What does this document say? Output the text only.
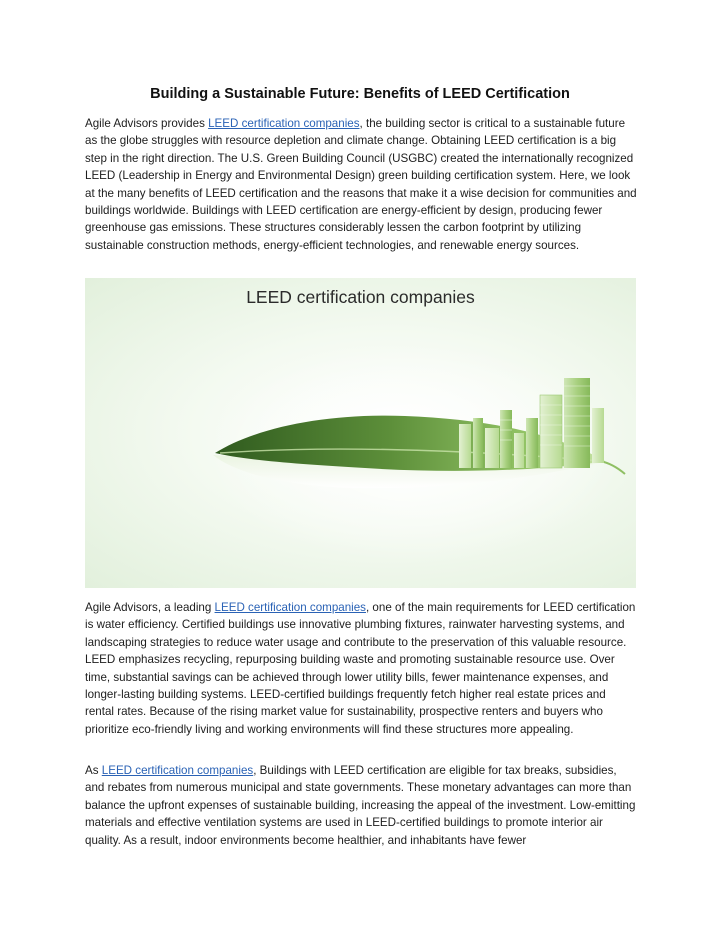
Building a Sustainable Future: Benefits of LEED Certification

Agile Advisors provides LEED certification companies, the building sector is critical to a sustainable future as the globe struggles with resource depletion and climate change. Obtaining LEED certification is a big step in the right direction. The U.S. Green Building Council (USGBC) created the internationally recognized LEED (Leadership in Energy and Environmental Design) green building certification system. Here, we look at the many benefits of LEED certification and the reasons that make it a wise decision for communities and buildings worldwide. Buildings with LEED certification are energy-efficient by design, producing fewer greenhouse gas emissions. These structures considerably lessen the carbon footprint by utilizing sustainable construction methods, energy-efficient technologies, and renewable energy sources.

LEED certification companies

Agile Advisors, a leading LEED certification companies, one of the main requirements for LEED certification is water efficiency. Certified buildings use innovative plumbing fixtures, rainwater harvesting systems, and landscaping strategies to reduce water usage and contribute to the preservation of this valuable resource. LEED emphasizes recycling, repurposing building waste and promoting sustainable resource use. Over time, substantial savings can be achieved through lower utility bills, fewer maintenance expenses, and longer-lasting building systems. LEED-certified buildings frequently fetch higher real estate prices and rental rates. Because of the rising market value for sustainability, prospective renters and buyers who prioritize eco-friendly living and working environments will find these structures more appealing.

As LEED certification companies, Buildings with LEED certification are eligible for tax breaks, subsidies, and rebates from numerous municipal and state governments. These monetary advantages can more than balance the upfront expenses of sustainable building, increasing the appeal of the investment. Low-emitting materials and effective ventilation systems are used in LEED-certified buildings to promote interior air quality. As a result, indoor environments become healthier, and inhabitants have fewer
